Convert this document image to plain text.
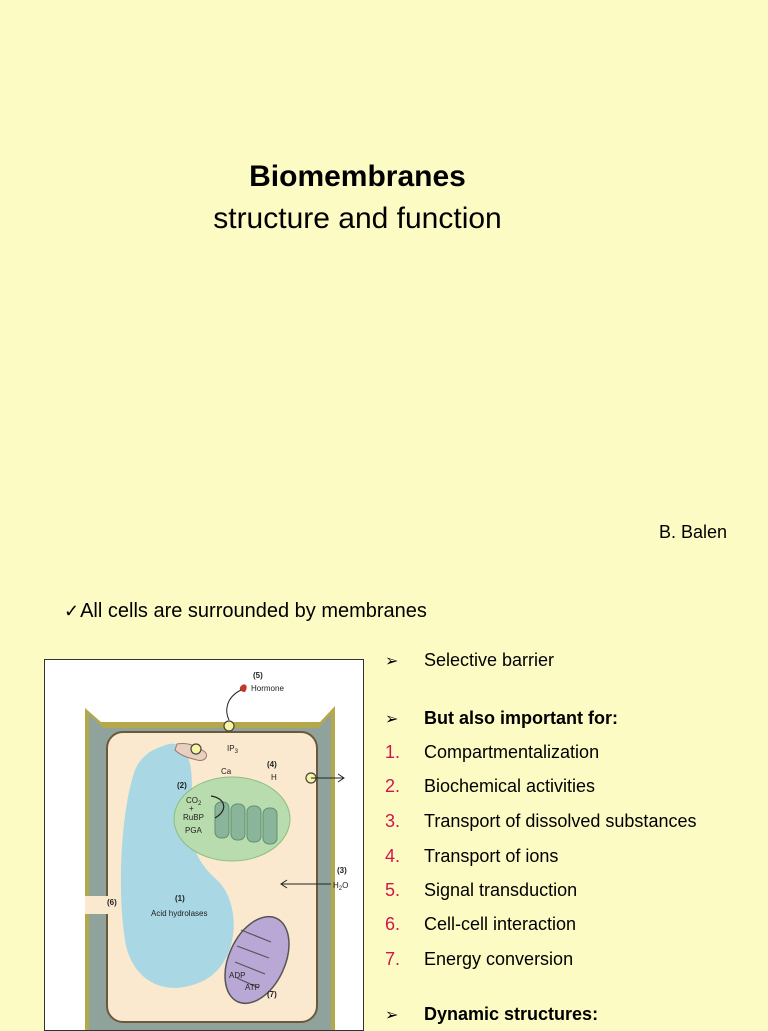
Biomembranes
structure and function
B. Balen
✓All cells are surrounded by membranes
(5)
Hormone
$IP_3$
Ca
(4)
H
(2)
$CO_2$
+
RuBP
PGA
(3)
$H_2O$
(1)
Acid hydrolases
(6)
ADP
ATP
(7)
➢ Selective barrier
➢ But also important for:
1. Compartmentalization
2. Biochemical activities
3. Transport of dissolved substances
4. Transport of ions
5. Signal transduction
6. Cell-cell interaction
7. Energy conversion
➢ Dynamic structures:
